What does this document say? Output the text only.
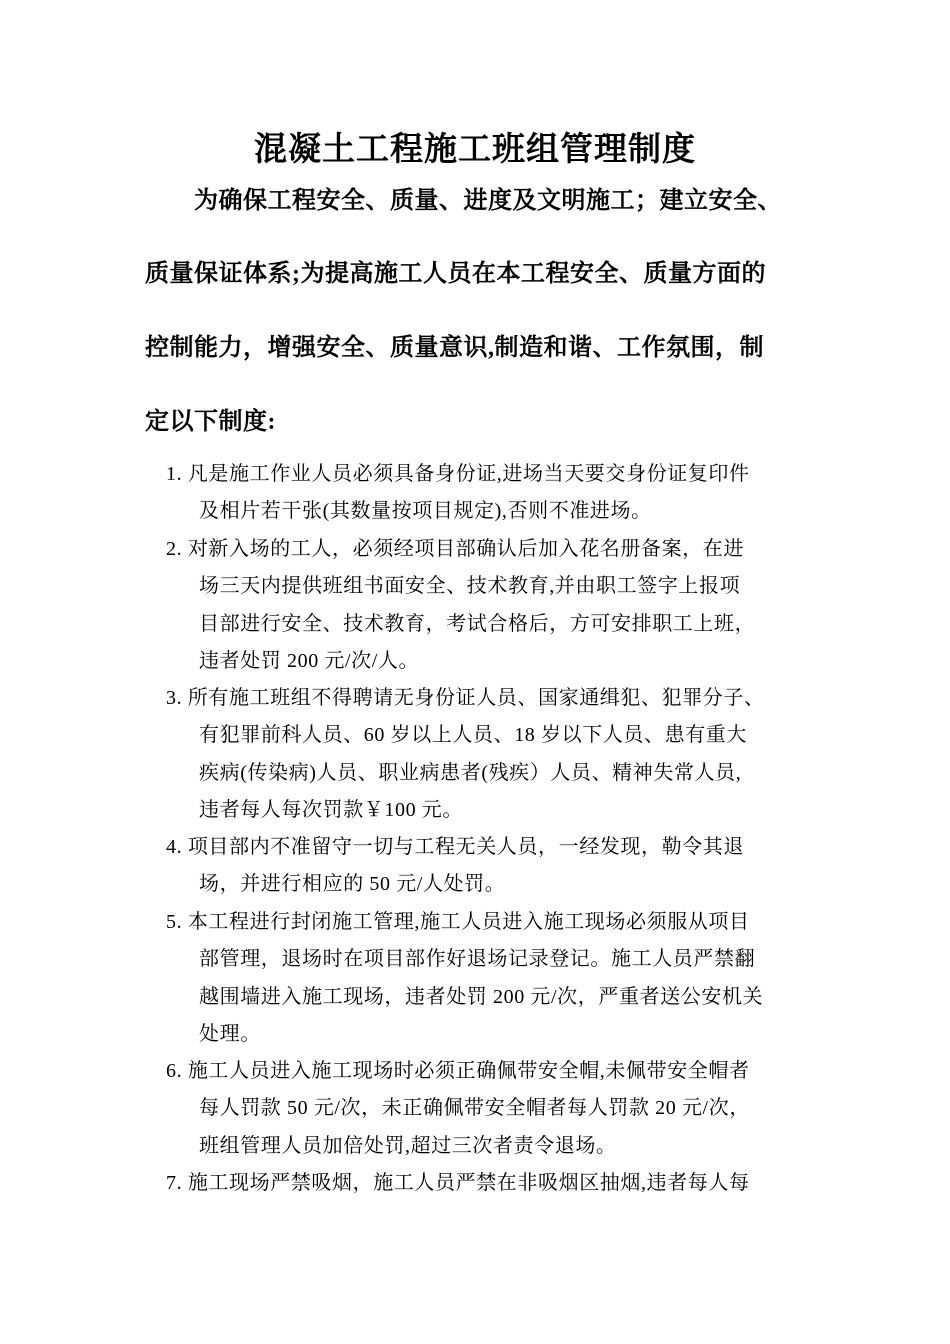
混凝土工程施工班组管理制度
为确保工程安全、质量、进度及文明施工；建立安全、
质量保证体系;为提高施工人员在本工程安全、质量方面的
控制能力，增强安全、质量意识,制造和谐、工作氛围，制
定以下制度:
1. 凡是施工作业人员必须具备身份证,进场当天要交身份证复印件
及相片若干张(其数量按项目规定),否则不准进场。
2. 对新入场的工人，必须经项目部确认后加入花名册备案，在进
场三天内提供班组书面安全、技术教育,并由职工签字上报项
目部进行安全、技术教育，考试合格后，方可安排职工上班，
违者处罚 200 元/次/人。
3. 所有施工班组不得聘请无身份证人员、国家通缉犯、犯罪分子、
有犯罪前科人员、60 岁以上人员、18 岁以下人员、患有重大
疾病(传染病)人员、职业病患者(残疾）人员、精神失常人员,
违者每人每次罚款￥100 元。
4. 项目部内不准留守一切与工程无关人员，一经发现，勒令其退
场，并进行相应的 50 元/人处罚。
5. 本工程进行封闭施工管理,施工人员进入施工现场必须服从项目
部管理，退场时在项目部作好退场记录登记。施工人员严禁翻
越围墙进入施工现场，违者处罚 200 元/次，严重者送公安机关
处理。
6. 施工人员进入施工现场时必须正确佩带安全帽,未佩带安全帽者
每人罚款 50 元/次，未正确佩带安全帽者每人罚款 20 元/次，
班组管理人员加倍处罚,超过三次者责令退场。
7. 施工现场严禁吸烟，施工人员严禁在非吸烟区抽烟,违者每人每
